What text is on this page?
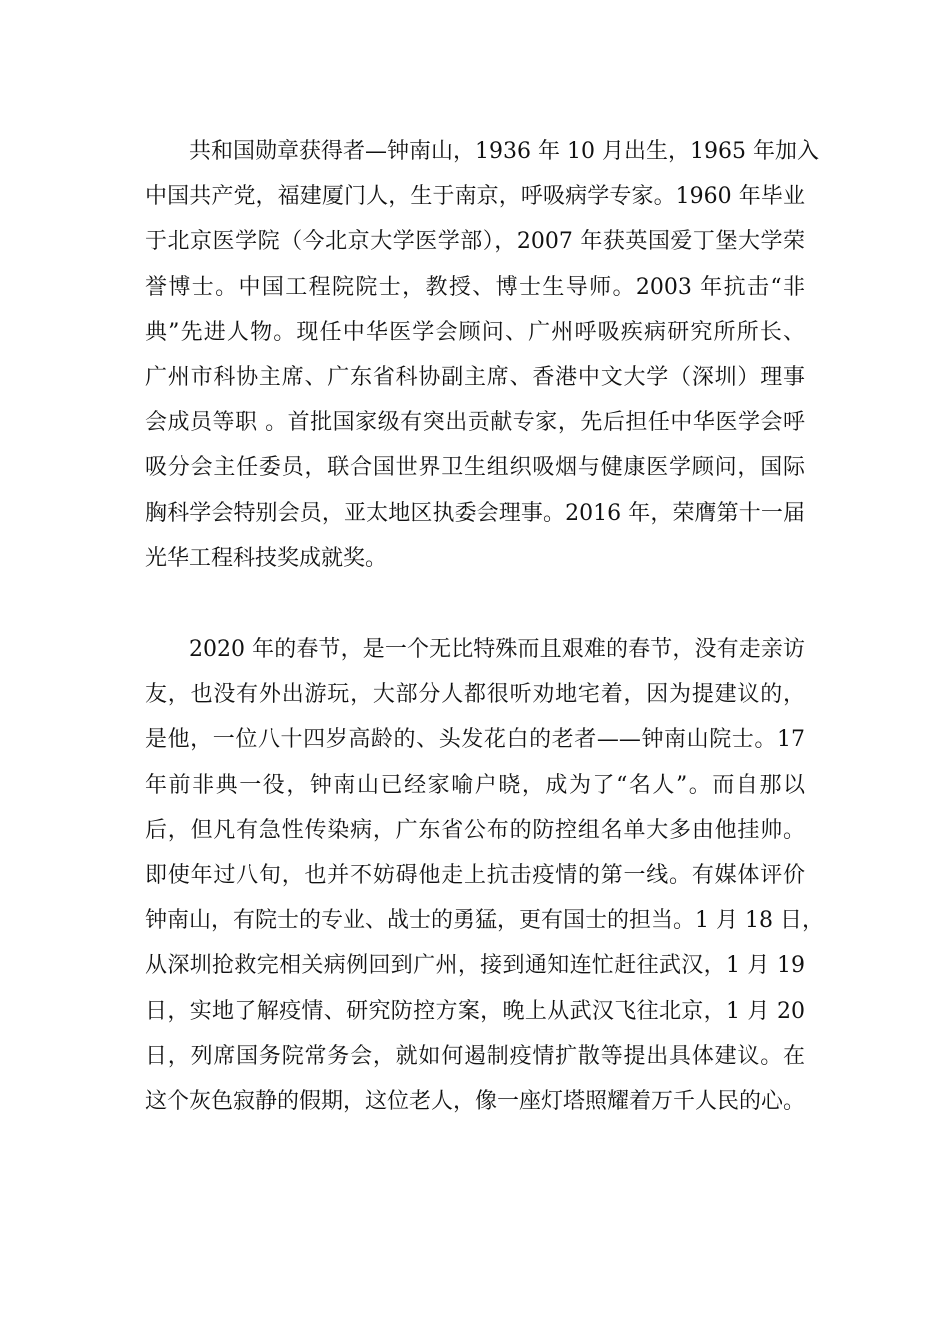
共和国勋章获得者—钟南山，1936 年 10 月出生，1965 年加入
中国共产党，福建厦门人，生于南京，呼吸病学专家。1960 年毕业
于北京医学院（今北京大学医学部），2007 年获英国爱丁堡大学荣
誉博士。中国工程院院士，教授、博士生导师。2003 年抗击“非
典”先进人物。现任中华医学会顾问、广州呼吸疾病研究所所长、
广州市科协主席、广东省科协副主席、香港中文大学（深圳）理事
会成员等职 。首批国家级有突出贡献专家，先后担任中华医学会呼
吸分会主任委员，联合国世界卫生组织吸烟与健康医学顾问，国际
胸科学会特别会员，亚太地区执委会理事。2016 年，荣膺第十一届
光华工程科技奖成就奖。
2020 年的春节，是一个无比特殊而且艰难的春节，没有走亲访
友，也没有外出游玩，大部分人都很听劝地宅着，因为提建议的，
是他，一位八十四岁高龄的、头发花白的老者——钟南山院士。17
年前非典一役，钟南山已经家喻户晓，成为了“名人”。而自那以
后，但凡有急性传染病，广东省公布的防控组名单大多由他挂帅。
即使年过八旬，也并不妨碍他走上抗击疫情的第一线。有媒体评价
钟南山，有院士的专业、战士的勇猛，更有国士的担当。1 月 18 日，
从深圳抢救完相关病例回到广州，接到通知连忙赶往武汉，1 月 19
日，实地了解疫情、研究防控方案，晚上从武汉飞往北京，1 月 20
日，列席国务院常务会，就如何遏制疫情扩散等提出具体建议。在
这个灰色寂静的假期，这位老人，像一座灯塔照耀着万千人民的心。
